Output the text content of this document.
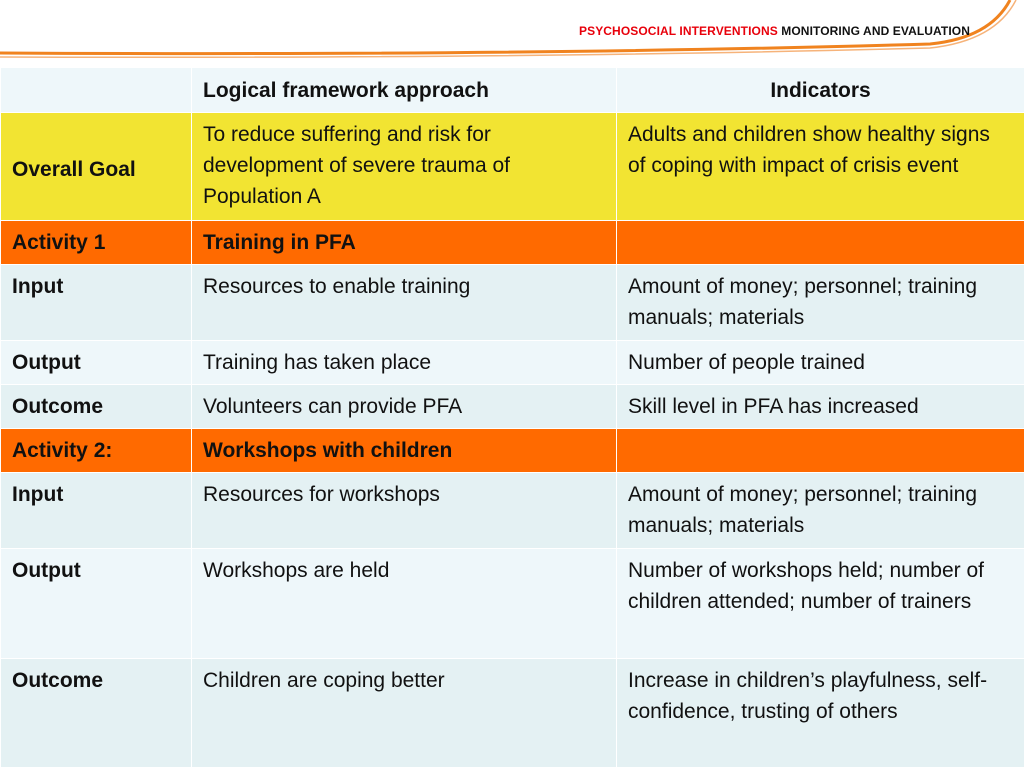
PSYCHOSOCIAL INTERVENTIONS MONITORING AND EVALUATION
	Logical framework approach	Indicators
Overall Goal	To reduce suffering and risk for development of severe trauma of Population A	Adults and children show healthy signs of coping with impact of crisis event
Activity 1	Training in PFA	
Input	Resources to enable training	Amount of money; personnel; training manuals; materials
Output	Training has taken place	Number of people trained
Outcome	Volunteers can provide PFA	Skill level in PFA has increased
Activity 2:	Workshops with children	
Input	Resources for workshops	Amount of money; personnel; training manuals; materials
Output	Workshops are held	Number of workshops held; number of children attended; number of trainers
Outcome	Children are coping better	Increase in children’s playfulness, self-confidence, trusting of others
